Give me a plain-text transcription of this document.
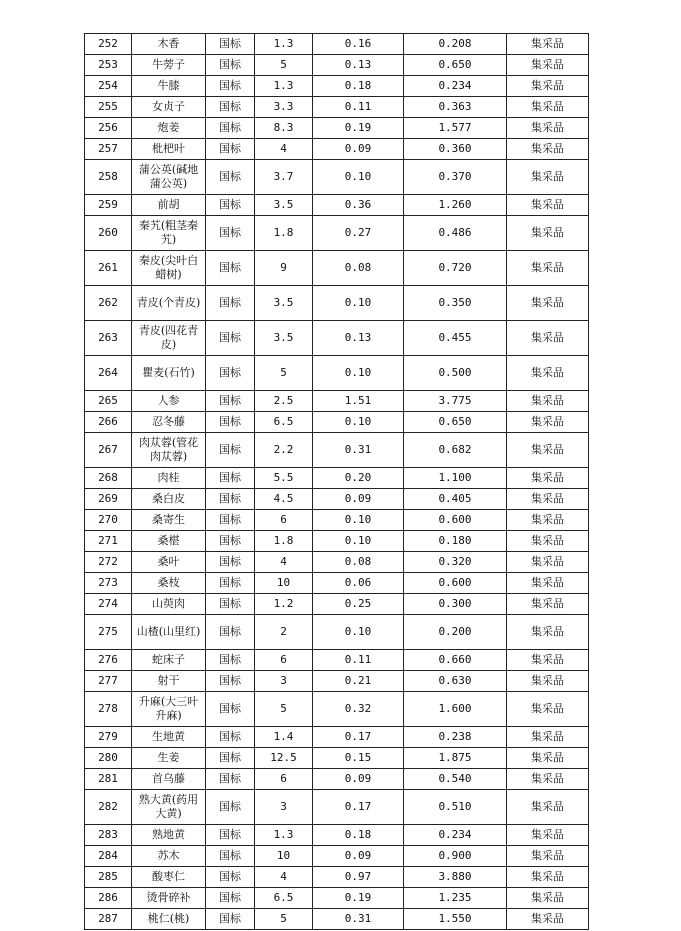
252	木香	国标	1.3	0.16	0.208	集采品
253	牛蒡子	国标	5	0.13	0.650	集采品
254	牛膝	国标	1.3	0.18	0.234	集采品
255	女贞子	国标	3.3	0.11	0.363	集采品
256	炮姜	国标	8.3	0.19	1.577	集采品
257	枇杷叶	国标	4	0.09	0.360	集采品
258	蒲公英(碱地蒲公英)	国标	3.7	0.10	0.370	集采品
259	前胡	国标	3.5	0.36	1.260	集采品
260	秦艽(粗茎秦艽)	国标	1.8	0.27	0.486	集采品
261	秦皮(尖叶白蜡树)	国标	9	0.08	0.720	集采品
262	青皮(个青皮)	国标	3.5	0.10	0.350	集采品
263	青皮(四花青皮)	国标	3.5	0.13	0.455	集采品
264	瞿麦(石竹)	国标	5	0.10	0.500	集采品
265	人参	国标	2.5	1.51	3.775	集采品
266	忍冬藤	国标	6.5	0.10	0.650	集采品
267	肉苁蓉(管花肉苁蓉)	国标	2.2	0.31	0.682	集采品
268	肉桂	国标	5.5	0.20	1.100	集采品
269	桑白皮	国标	4.5	0.09	0.405	集采品
270	桑寄生	国标	6	0.10	0.600	集采品
271	桑椹	国标	1.8	0.10	0.180	集采品
272	桑叶	国标	4	0.08	0.320	集采品
273	桑枝	国标	10	0.06	0.600	集采品
274	山萸肉	国标	1.2	0.25	0.300	集采品
275	山楂(山里红)	国标	2	0.10	0.200	集采品
276	蛇床子	国标	6	0.11	0.660	集采品
277	射干	国标	3	0.21	0.630	集采品
278	升麻(大三叶升麻)	国标	5	0.32	1.600	集采品
279	生地黄	国标	1.4	0.17	0.238	集采品
280	生姜	国标	12.5	0.15	1.875	集采品
281	首乌藤	国标	6	0.09	0.540	集采品
282	熟大黄(药用大黄)	国标	3	0.17	0.510	集采品
283	熟地黄	国标	1.3	0.18	0.234	集采品
284	苏木	国标	10	0.09	0.900	集采品
285	酸枣仁	国标	4	0.97	3.880	集采品
286	烫骨碎补	国标	6.5	0.19	1.235	集采品
287	桃仁(桃)	国标	5	0.31	1.550	集采品
